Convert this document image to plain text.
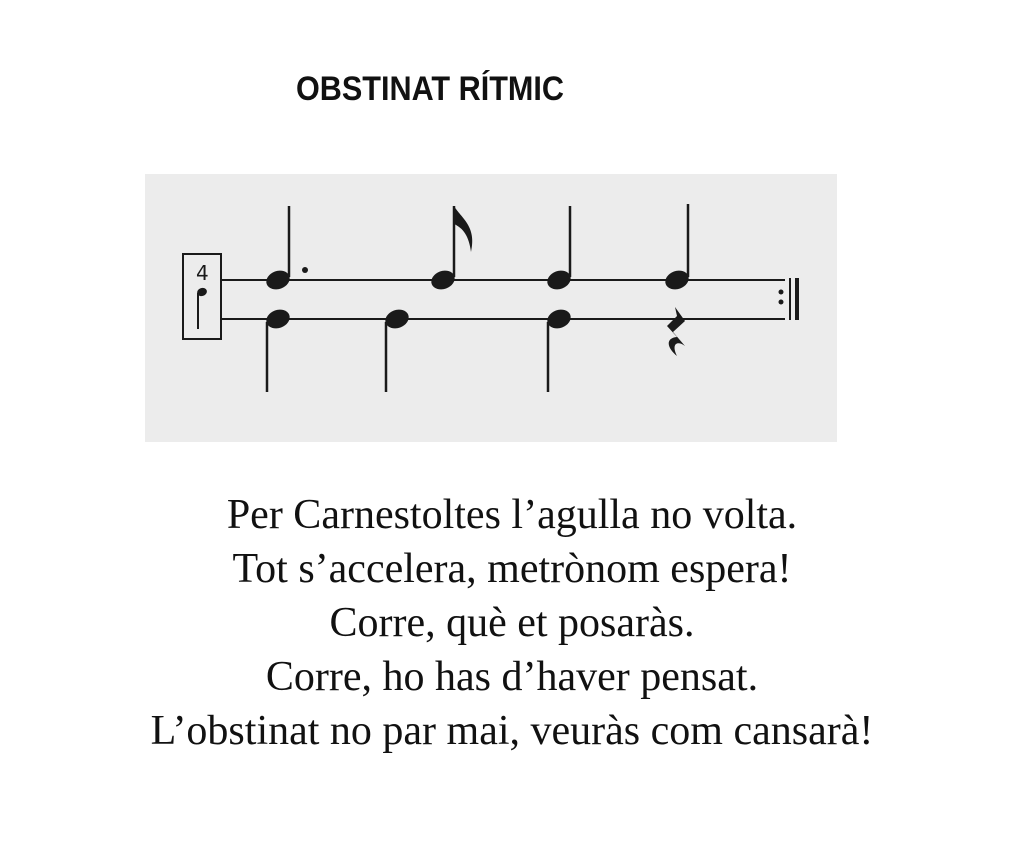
OBSTINAT RÍTMIC
4
Per Carnestoltes l’agulla no volta.
Tot s’accelera, metrònom espera!
Corre, què et posaràs.
Corre, ho has d’haver pensat.
L’obstinat no par mai, veuràs com cansarà!
